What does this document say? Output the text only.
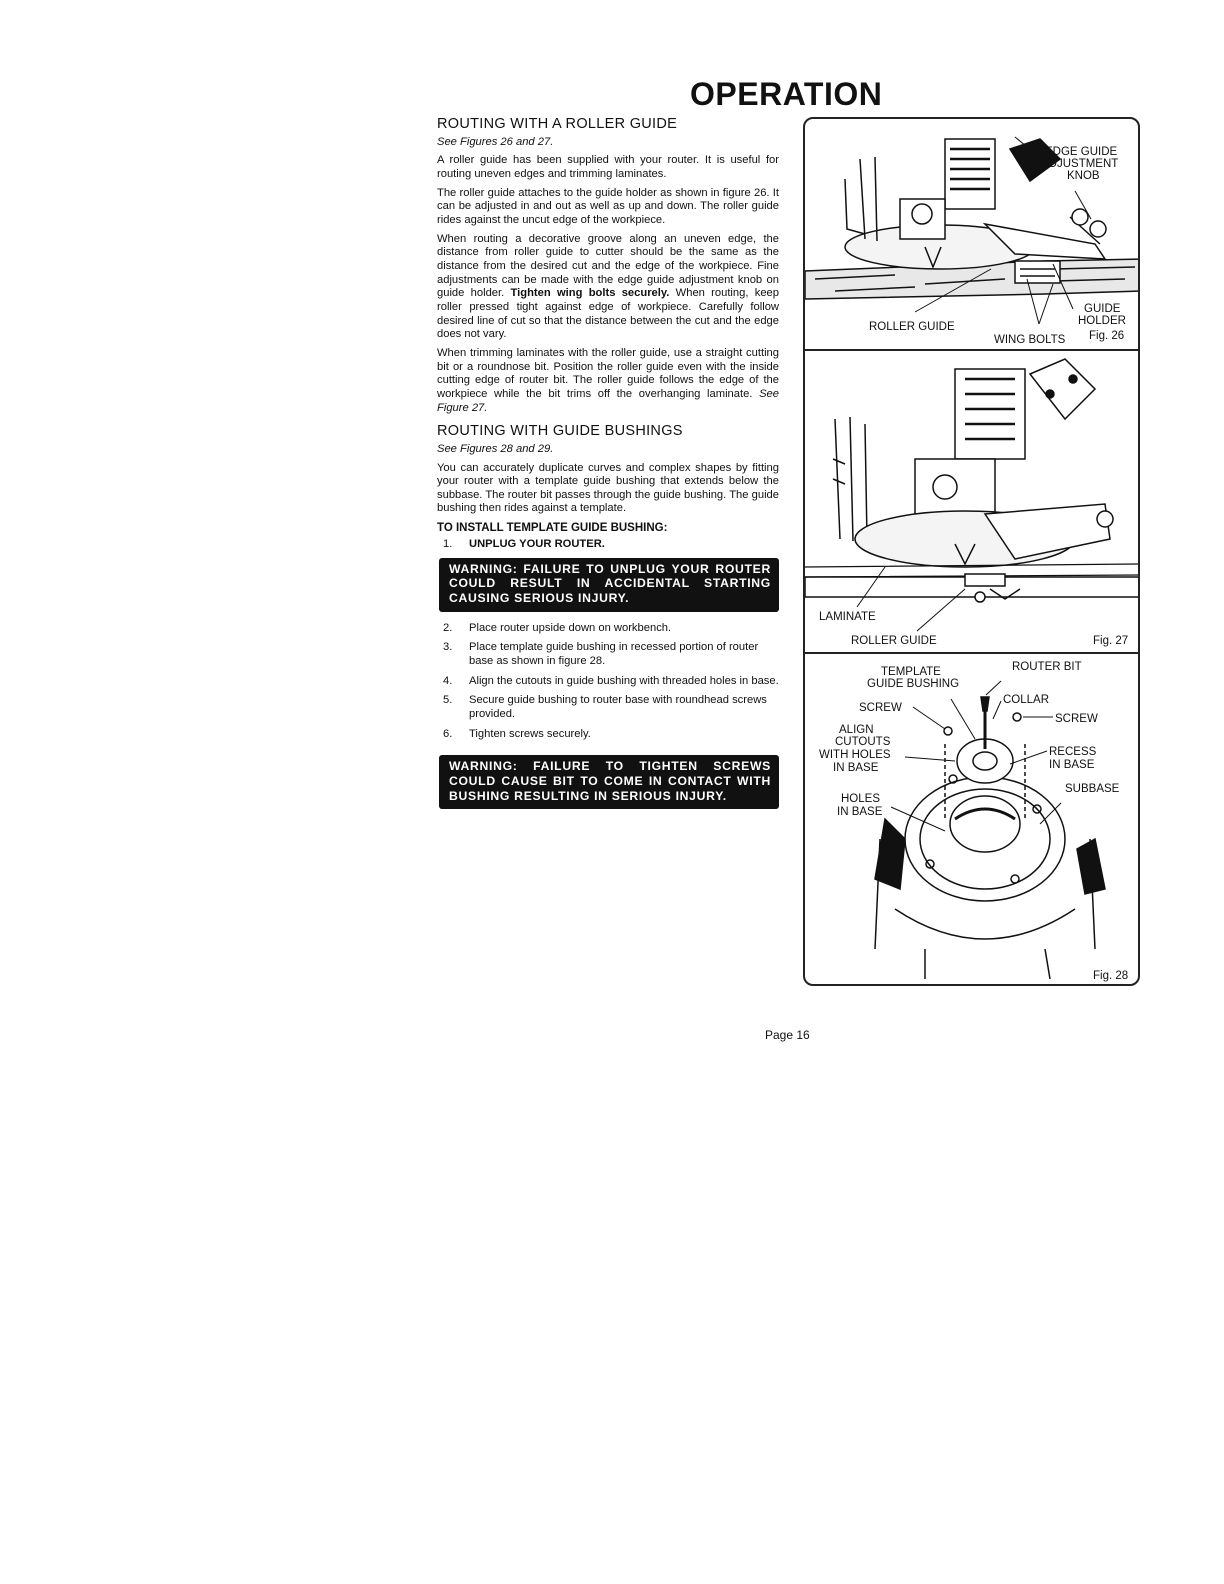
OPERATION
ROUTING WITH A ROLLER GUIDE
See Figures 26 and 27.

A roller guide has been supplied with your router. It is useful for routing uneven edges and trimming laminates.

The roller guide attaches to the guide holder as shown in figure 26. It can be adjusted in and out as well as up and down. The roller guide rides against the uncut edge of the workpiece.

When routing a decorative groove along an uneven edge, the distance from roller guide to cutter should be the same as the distance from the desired cut and the edge of the workpiece. Fine adjustments can be made with the edge guide adjustment knob on guide holder. Tighten wing bolts securely. When routing, keep roller pressed tight against edge of workpiece. Carefully follow desired line of cut so that the distance between the cut and the edge does not vary.

When trimming laminates with the roller guide, use a straight cutting bit or a roundnose bit. Position the roller guide even with the inside cutting edge of router bit. The roller guide follows the edge of the workpiece while the bit trims off the overhanging laminate. See Figure 27.

ROUTING WITH GUIDE BUSHINGS
See Figures 28 and 29.

You can accurately duplicate curves and complex shapes by fitting your router with a template guide bushing that extends below the subbase. The router bit passes through the guide bushing. The guide bushing then rides against a template.

TO INSTALL TEMPLATE GUIDE BUSHING:
1.	UNPLUG YOUR ROUTER.
WARNING: FAILURE TO UNPLUG YOUR ROUTER COULD RESULT IN ACCIDENTAL STARTING CAUSING SERIOUS INJURY.
2.	Place router upside down on workbench.
3.	Place template guide bushing in recessed portion of router base as shown in figure 28.
4.	Align the cutouts in guide bushing with threaded holes in base.
5.	Secure guide bushing to router base with roundhead screws provided.
6.	Tighten screws securely.
WARNING: FAILURE TO TIGHTEN SCREWS COULD CAUSE BIT TO COME IN CONTACT WITH BUSHING RESULTING IN SERIOUS INJURY.
EDGE GUIDE
ADJUSTMENT
KNOB
ROLLER GUIDE
GUIDE
HOLDER
WING BOLTS Fig. 26
LAMINATE
ROLLER GUIDE	Fig. 27
TEMPLATE
GUIDE BUSHING
ROUTER BIT
COLLAR
SCREW
SCREW
ALIGN
CUTOUTS
WITH HOLES
IN BASE
RECESS
IN BASE
SUBBASE
HOLES
IN BASE
Fig. 28
Page 16
